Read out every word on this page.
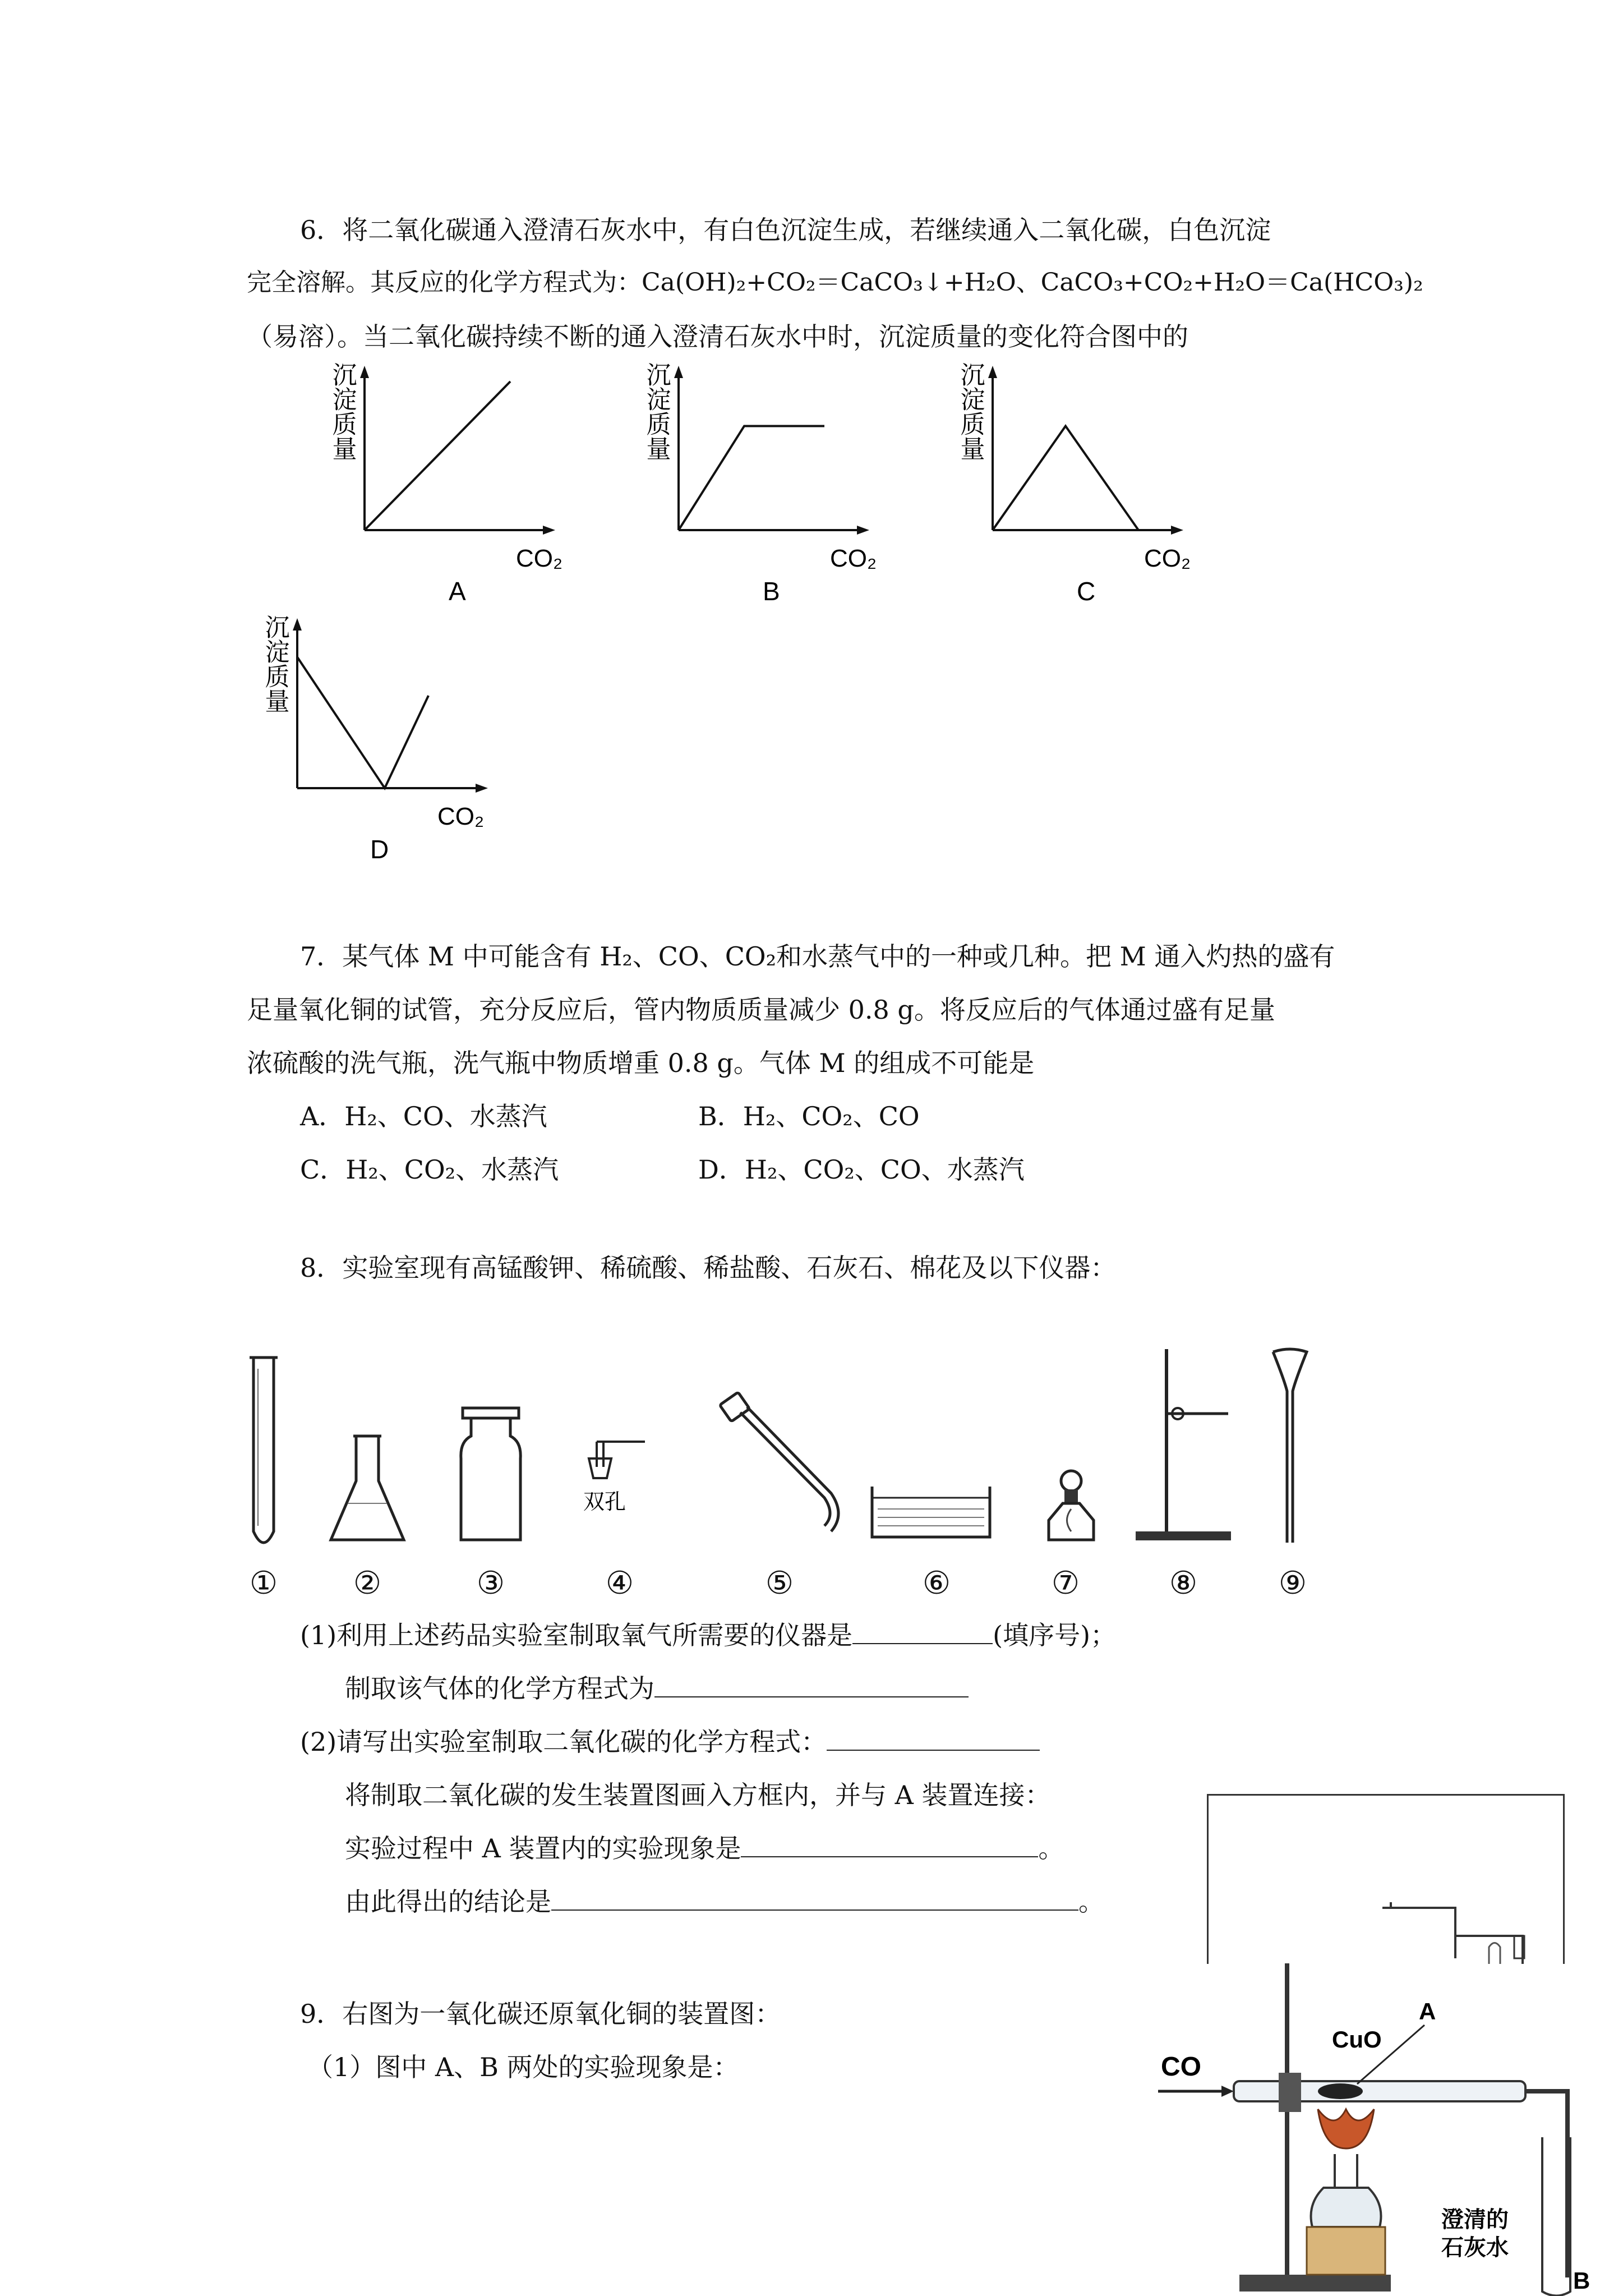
6．将二氧化碳通入澄清石灰水中，有白色沉淀生成，若继续通入二氧化碳，白色沉淀
完全溶解。其反应的化学方程式为：Ca(OH)₂+CO₂＝CaCO₃↓+H₂O、CaCO₃+CO₂+H₂O＝Ca(HCO₃)₂
（易溶）。当二氧化碳持续不断的通入澄清石灰水中时，沉淀质量的变化符合图中的
沉淀质量
CO₂
A
沉淀质量
CO₂
B
沉淀质量
CO₂
C
沉淀质量
CO₂
D
7．某气体 M 中可能含有 H₂、CO、CO₂和水蒸气中的一种或几种。把 M 通入灼热的盛有
足量氧化铜的试管，充分反应后，管内物质质量减少 0.8 g。将反应后的气体通过盛有足量
浓硫酸的洗气瓶，洗气瓶中物质增重 0.8 g。气体 M 的组成不可能是
A．H₂、CO、水蒸汽	B．H₂、CO₂、CO
C．H₂、CO₂、水蒸汽	D．H₂、CO₂、CO、水蒸汽
8．实验室现有高锰酸钾、稀硫酸、稀盐酸、石灰石、棉花及以下仪器：
双孔
① ②	③	④	⑤	⑥	⑦	⑧	⑨
(1)利用上述药品实验室制取氧气所需要的仪器是	(填序号)；
制取该气体的化学方程式为
(2)请写出实验室制取二氧化碳的化学方程式：
将制取二氧化碳的发生装置图画入方框内，并与 A 装置连接：
实验过程中 A 装置内的实验现象是	。
由此得出的结论是	。
9．右图为一氧化碳还原氧化铜的装置图：
（1）图中 A、B 两处的实验现象是：	CO
CuO
A
B
澄清的
石灰水
